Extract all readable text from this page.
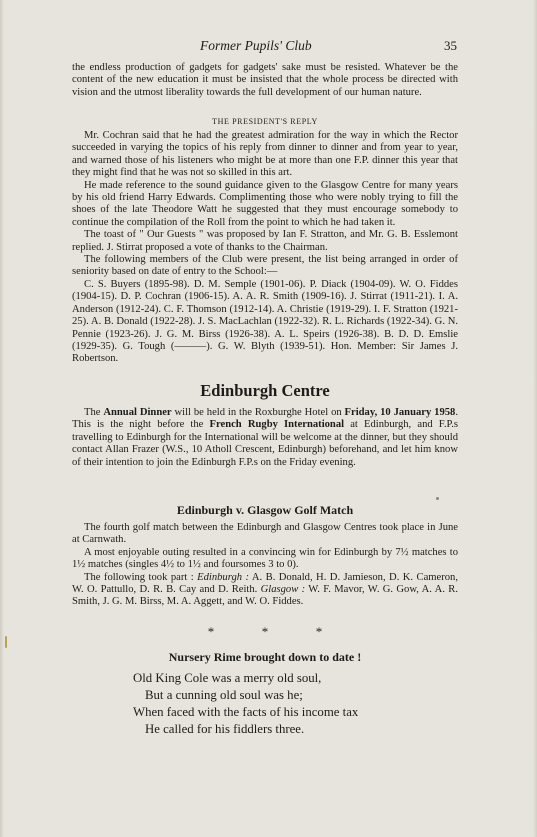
Former Pupils' Club	35

the endless production of gadgets for gadgets' sake must be resisted. Whatever be the content of the new education it must be insisted that the whole process be directed with vision and the utmost liberality towards the full development of our human nature.

THE PRESIDENT'S REPLY

Mr. Cochran said that he had the greatest admiration for the way in which the Rector succeeded in varying the topics of his reply from dinner to dinner and from year to year, and warned those of his listeners who might be at more than one F.P. dinner this year that they might find that he was not so skilled in this art.

He made reference to the sound guidance given to the Glasgow Centre for many years by his old friend Harry Edwards. Complimenting those who were nobly trying to fill the shoes of the late Theodore Watt he suggested that they must encourage somebody to continue the compilation of the Roll from the point to which he had taken it.

The toast of " Our Guests " was proposed by Ian F. Stratton, and Mr. G. B. Esslemont replied. J. Stirrat proposed a vote of thanks to the Chairman.

The following members of the Club were present, the list being arranged in order of seniority based on date of entry to the School:—

C. S. Buyers (1895-98). D. M. Semple (1901-06). P. Diack (1904-09). W. O. Fiddes (1904-15). D. P. Cochran (1906-15). A. A. R. Smith (1909-16). J. Stirrat (1911-21). I. A. Anderson (1912-24). C. F. Thomson (1912-14). A. Christie (1919-29). I. F. Stratton (1921-25). A. B. Donald (1922-28). J. S. MacLachlan (1922-32). R. L. Richards (1922-34). G. N. Pennie (1923-26). J. G. M. Birss (1926-38). A. L. Speirs (1926-38). B. D. D. Emslie (1929-35). G. Tough (———). G. W. Blyth (1939-51). Hon. Member: Sir James J. Robertson.

Edinburgh Centre

The Annual Dinner will be held in the Roxburghe Hotel on Friday, 10 January 1958. This is the night before the French Rugby International at Edinburgh, and F.P.s travelling to Edinburgh for the International will be welcome at the dinner, but they should contact Allan Frazer (W.S., 10 Atholl Crescent, Edinburgh) beforehand, and let him know of their intention to join the Edinburgh F.P.s on the Friday evening.

Edinburgh v. Glasgow Golf Match

The fourth golf match between the Edinburgh and Glasgow Centres took place in June at Carnwath.

A most enjoyable outing resulted in a convincing win for Edinburgh by 7½ matches to 1½ matches (singles 4½ to 1½ and foursomes 3 to 0).

The following took part : Edinburgh : A. B. Donald, H. D. Jamieson, D. K. Cameron, W. O. Pattullo, D. R. B. Cay and D. Reith. Glasgow : W. F. Mavor, W. G. Gow, A. A. R. Smith, J. G. M. Birss, M. A. Aggett, and W. O. Fiddes.

*	*	*
Nursery Rime brought down to date !
Old King Cole was a merry old soul,
But a cunning old soul was he;
When faced with the facts of his income tax
He called for his fiddlers three.
